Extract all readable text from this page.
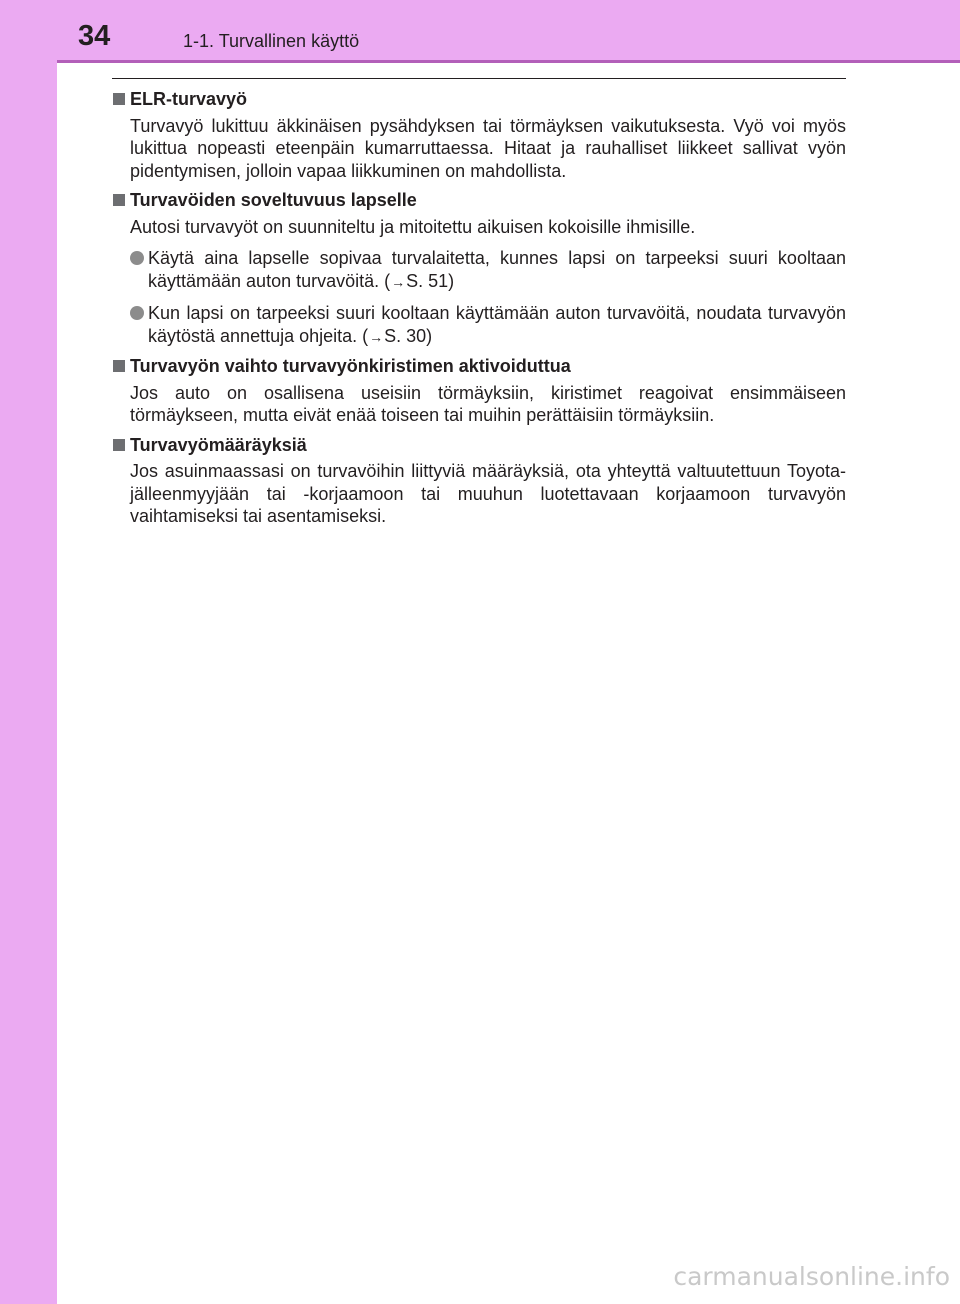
34	1-1. Turvallinen käyttö
ELR-turvavyö
Turvavyö lukittuu äkkinäisen pysähdyksen tai törmäyksen vaikutuksesta. Vyö voi myös lukittua nopeasti eteenpäin kumarruttaessa. Hitaat ja rauhalliset liikkeet sallivat vyön pidentymisen, jolloin vapaa liikkuminen on mahdollista.
Turvavöiden soveltuvuus lapselle
Autosi turvavyöt on suunniteltu ja mitoitettu aikuisen kokoisille ihmisille.
Käytä aina lapselle sopivaa turvalaitetta, kunnes lapsi on tarpeeksi suuri kooltaan käyttämään auton turvavöitä. (→S. 51)
Kun lapsi on tarpeeksi suuri kooltaan käyttämään auton turvavöitä, noudata turvavyön käytöstä annettuja ohjeita. (→S. 30)
Turvavyön vaihto turvavyönkiristimen aktivoiduttua
Jos auto on osallisena useisiin törmäyksiin, kiristimet reagoivat ensimmäiseen törmäykseen, mutta eivät enää toiseen tai muihin perättäisiin törmäyksiin.
Turvavyömääräyksiä
Jos asuinmaassasi on turvavöihin liittyviä määräyksiä, ota yhteyttä valtuutettuun Toyota-jälleenmyyjään tai -korjaamoon tai muuhun luotettavaan korjaamoon turvavyön vaihtamiseksi tai asentamiseksi.
carmanualsonline.info
